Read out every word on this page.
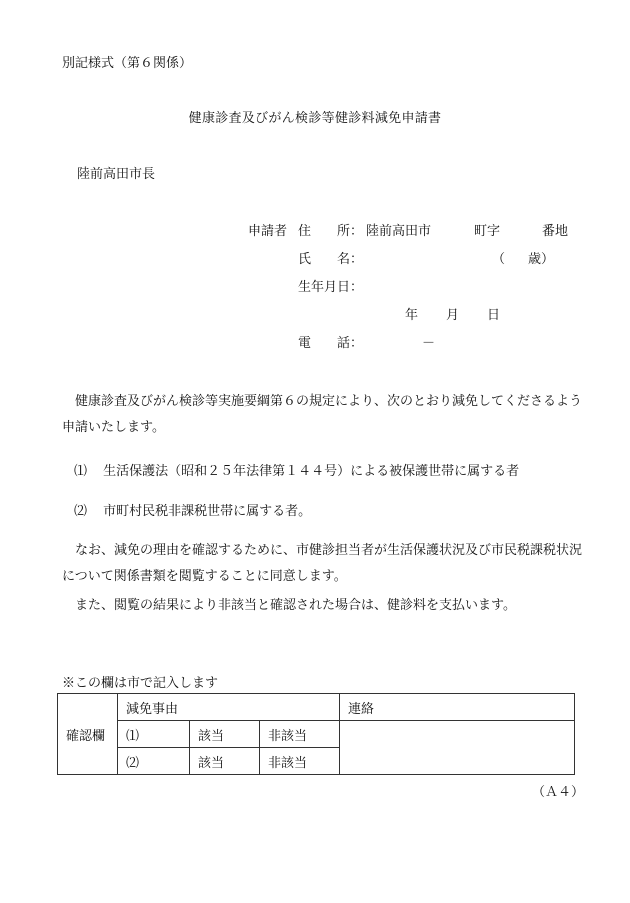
別記様式（第６関係）
健康診査及びがん検診等健診料減免申請書
陸前高田市長
申請者 住　　所： 陸前高田市	町字	番地
氏　　名：	（ 歳）
生年月日：
年 月 日
電　　話：	－
健康診査及びがん検診等実施要綱第６の規定により、次のとおり減免してくださるよう申請いたします。
⑴ 生活保護法（昭和２５年法律第１４４号）による被保護世帯に属する者
⑵ 市町村民税非課税世帯に属する者。
なお、減免の理由を確認するために、市健診担当者が生活保護状況及び市民税課税状況について関係書類を閲覧することに同意します。
また、閲覧の結果により非該当と確認された場合は、健診料を支払います。
※この欄は市で記入します
確認欄	減免事由			連絡
	⑴	該当	非該当	
	⑵	該当	非該当	
（Ａ４）
